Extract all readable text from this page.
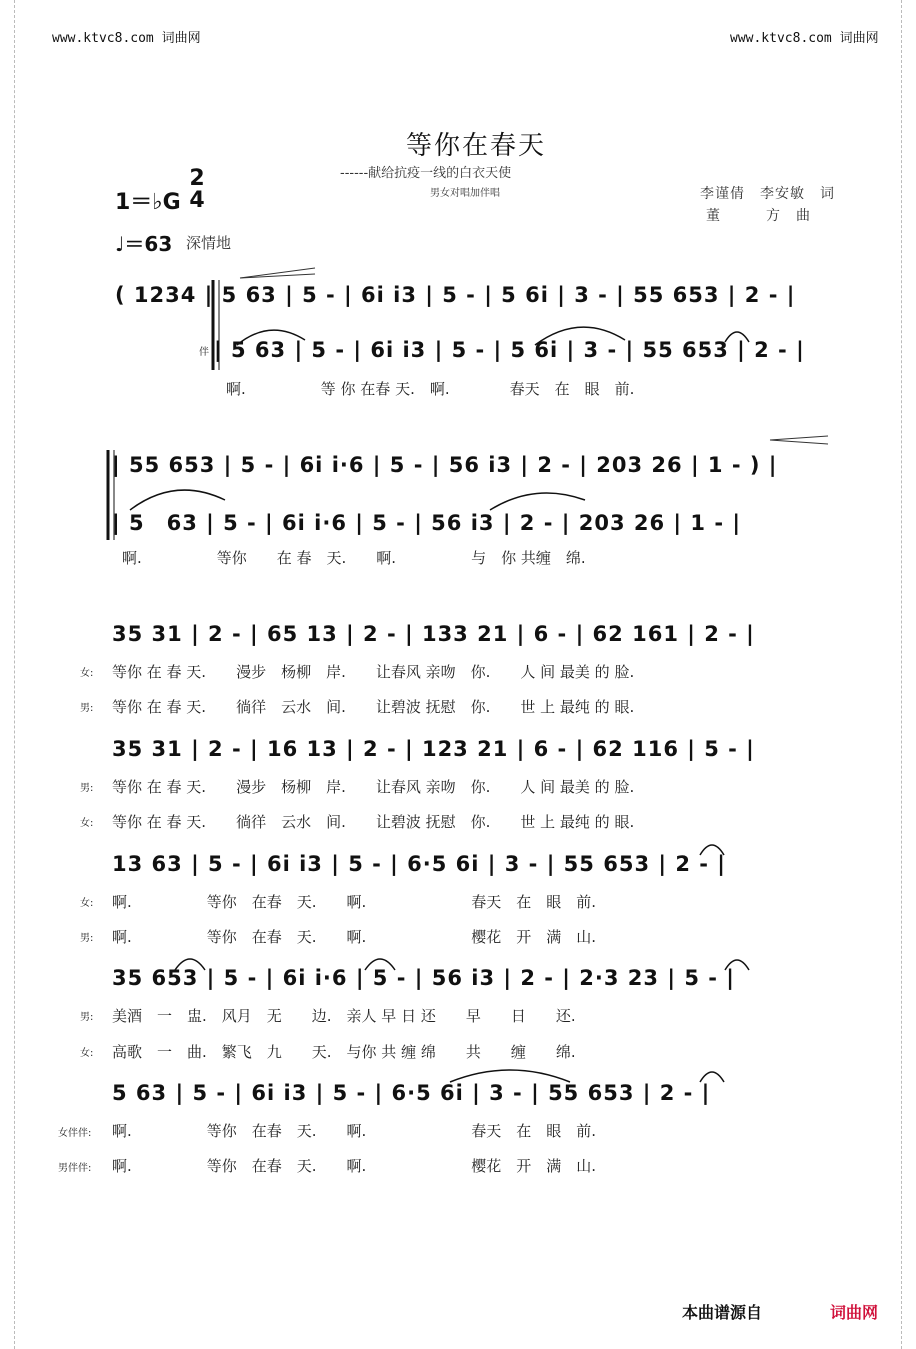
www.ktvc8.com 词曲网	www.ktvc8.com 词曲网
等你在春天
------献给抗疫一线的白衣天使
男女对唱加伴唱	李谨倩　李安敏　词
董　　　方　曲
1＝♭G
2
4
♩＝63 深情地
( 1234 | 5 63 | 5 - | 6i i3 | 5 - | 5 6i | 3 - | 55 653 | 2 - |
伴 | 5 63 | 5 - | 6i i3 | 5 - | 5 6i | 3 - | 55 653 | 2 - |
啊.　　　　　等 你 在春 天.　啊.　　　　春天　在　眼　前.
| 55 653 | 5 - | 6i i·6 | 5 - | 56 i3 | 2 - | 203 26 | 1 - ) |
| 5　63 | 5 - | 6i i·6 | 5 - | 56 i3 | 2 - | 203 26 | 1 - |
啊.　　　　　等你　　在 春　天.　　啊.　　　　　与　你 共缠　绵.
35 31 | 2 - | 65 13 | 2 - | 133 21 | 6 - | 62 161 | 2 - |
女: 等你 在 春 天.　　漫步　杨柳　岸.　　让春风 亲吻　你.　　人 间 最美 的 脸.
男: 等你 在 春 天.　　徜徉　云水　间.　　让碧波 抚慰　你.　　世 上 最纯 的 眼.
35 31 | 2 - | 16 13 | 2 - | 123 21 | 6 - | 62 116 | 5 - |
男: 等你 在 春 天.　　漫步　杨柳　岸.　　让春风 亲吻　你.　　人 间 最美 的 脸.
女: 等你 在 春 天.　　徜徉　云水　间.　　让碧波 抚慰　你.　　世 上 最纯 的 眼.
13 63 | 5 - | 6i i3 | 5 - | 6·5 6i | 3 - | 55 653 | 2 - |
女: 啊.　　　　　等你　在春　天.　　啊.　　　　　　　春天　在　眼　前.
男: 啊.　　　　　等你　在春　天.　　啊.　　　　　　　樱花　开　满　山.
35 653 | 5 - | 6i i·6 | 5 - | 56 i3 | 2 - | 2·3 23 | 5 - |
男: 美酒　一　盅.　风月　无　　边.　亲人 早 日 还　　早　　日　　还.
女: 高歌　一　曲.　繁飞　九　　天.　与你 共 缠 绵　　共　　缠　　绵.
5 63 | 5 - | 6i i3 | 5 - | 6·5 6i | 3 - | 55 653 | 2 - |
女伴伴: 啊.　　　　　等你　在春　天.　　啊.　　　　　　　春天　在　眼　前.
男伴伴: 啊.　　　　　等你　在春　天.　　啊.　　　　　　　樱花　开　满　山.
本曲谱源自	词曲网
